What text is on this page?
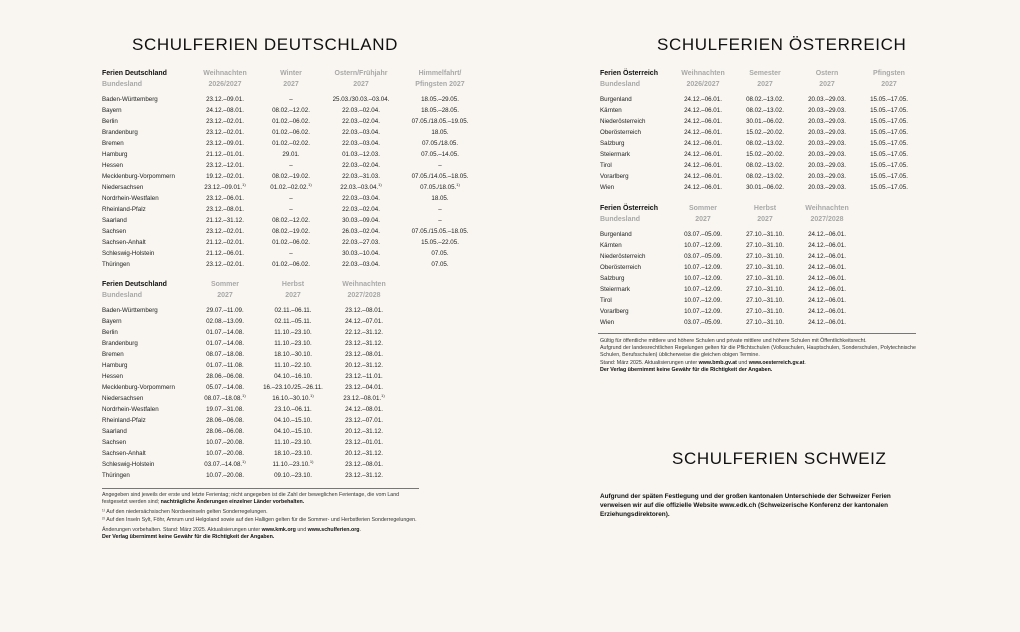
SCHULFERIEN DEUTSCHLAND	SCHULFERIEN ÖSTERREICH
SCHULFERIEN SCHWEIZ
Ferien Deutschland	Weihnachten	Winter	Ostern/Frühjahr	Himmelfahrt/
Bundesland	2026/2027	2027	2027	Pfingsten 2027

Baden-Württemberg	23.12.–09.01.	–	25.03./30.03.–03.04.	18.05.–29.05.
Bayern	24.12.–08.01.	08.02.–12.02.	22.03.–02.04.	18.05.–28.05.
Berlin	23.12.–02.01.	01.02.–06.02.	22.03.–02.04.	07.05./18.05.–19.05.
Brandenburg	23.12.–02.01.	01.02.–06.02.	22.03.–03.04.	18.05.
Bremen	23.12.–09.01.	01.02.–02.02.	22.03.–03.04.	07.05./18.05.
Hamburg	21.12.–01.01.	29.01.	01.03.–12.03.	07.05.–14.05.
Hessen	23.12.–12.01.	–	22.03.–02.04.	–
Mecklenburg-Vorpommern	19.12.–02.01.	08.02.–19.02.	22.03.–31.03.	07.05./14.05.–18.05.
Niedersachsen	23.12.–09.01.$^{1)}$	01.02.–02.02.$^{1)}$	22.03.–03.04.$^{1)}$	07.05./18.05.$^{1)}$
Nordrhein-Westfalen	23.12.–06.01.	–	22.03.–03.04.	18.05.
Rheinland-Pfalz	23.12.–08.01.	–	22.03.–02.04.	–
Saarland	21.12.–31.12.	08.02.–12.02.	30.03.–09.04.	–
Sachsen	23.12.–02.01.	08.02.–19.02.	26.03.–02.04.	07.05./15.05.–18.05.
Sachsen-Anhalt	21.12.–02.01.	01.02.–06.02.	22.03.–27.03.	15.05.–22.05.
Schleswig-Holstein	21.12.–06.01.	–	30.03.–10.04.	07.05.
Thüringen	23.12.–02.01.	01.02.–06.02.	22.03.–03.04.	07.05.
Ferien Deutschland	Sommer	Herbst	Weihnachten
Bundesland	2027	2027	2027/2028

Baden-Württemberg	29.07.–11.09.	02.11.–06.11.	23.12.–08.01.
Bayern	02.08.–13.09.	02.11.–05.11.	24.12.–07.01.
Berlin	01.07.–14.08.	11.10.–23.10.	22.12.–31.12.
Brandenburg	01.07.–14.08.	11.10.–23.10.	23.12.–31.12.
Bremen	08.07.–18.08.	18.10.–30.10.	23.12.–08.01.
Hamburg	01.07.–11.08.	11.10.–22.10.	20.12.–31.12.
Hessen	28.06.–06.08.	04.10.–16.10.	23.12.–11.01.
Mecklenburg-Vorpommern	05.07.–14.08.	16.–23.10./25.–26.11.	23.12.–04.01.
Niedersachsen	08.07.–18.08.$^{1)}$	16.10.–30.10.$^{1)}$	23.12.–08.01.$^{1)}$
Nordrhein-Westfalen	19.07.–31.08.	23.10.–06.11.	24.12.–08.01.
Rheinland-Pfalz	28.06.–06.08.	04.10.–15.10.	23.12.–07.01.
Saarland	28.06.–06.08.	04.10.–15.10.	20.12.–31.12.
Sachsen	10.07.–20.08.	11.10.–23.10.	23.12.–01.01.
Sachsen-Anhalt	10.07.–20.08.	18.10.–23.10.	20.12.–31.12.
Schleswig-Holstein	03.07.–14.08.$^{1)}$	11.10.–23.10.$^{1)}$	23.12.–08.01.
Thüringen	10.07.–20.08.	09.10.–23.10.	23.12.–31.12.
Ferien Österreich	Weihnachten	Semester	Ostern	Pfingsten
Bundesland	2026/2027	2027	2027	2027

Burgenland	24.12.–06.01.	08.02.–13.02.	20.03.–29.03.	15.05.–17.05.
Kärnten	24.12.–06.01.	08.02.–13.02.	20.03.–29.03.	15.05.–17.05.
Niederösterreich	24.12.–06.01.	30.01.–06.02.	20.03.–29.03.	15.05.–17.05.
Oberösterreich	24.12.–06.01.	15.02.–20.02.	20.03.–29.03.	15.05.–17.05.
Salzburg	24.12.–06.01.	08.02.–13.02.	20.03.–29.03.	15.05.–17.05.
Steiermark	24.12.–06.01.	15.02.–20.02.	20.03.–29.03.	15.05.–17.05.
Tirol	24.12.–06.01.	08.02.–13.02.	20.03.–29.03.	15.05.–17.05.
Vorarlberg	24.12.–06.01.	08.02.–13.02.	20.03.–29.03.	15.05.–17.05.
Wien	24.12.–06.01.	30.01.–06.02.	20.03.–29.03.	15.05.–17.05.
Ferien Österreich	Sommer	Herbst	Weihnachten
Bundesland	2027	2027	2027/2028

Burgenland	03.07.–05.09.	27.10.–31.10.	24.12.–06.01.
Kärnten	10.07.–12.09.	27.10.–31.10.	24.12.–06.01.
Niederösterreich	03.07.–05.09.	27.10.–31.10.	24.12.–06.01.
Oberösterreich	10.07.–12.09.	27.10.–31.10.	24.12.–06.01.
Salzburg	10.07.–12.09.	27.10.–31.10.	24.12.–06.01.
Steiermark	10.07.–12.09.	27.10.–31.10.	24.12.–06.01.
Tirol	10.07.–12.09.	27.10.–31.10.	24.12.–06.01.
Vorarlberg	10.07.–12.09.	27.10.–31.10.	24.12.–06.01.
Wien	03.07.–05.09.	27.10.–31.10.	24.12.–06.01.

Angegeben sind jeweils der erste und letzte Ferientag; nicht angegeben ist die Zahl der beweglichen Ferientage, die vom Land festgesetzt werden sind; nachträgliche Änderungen einzelner Länder vorbehalten.

¹⁾ Auf den niedersächsischen Nordseeinseln gelten Sonderregelungen.
²⁾ Auf den Inseln Sylt, Föhr, Amrum und Helgoland sowie auf den Halligen gelten für die Sommer- und Herbstferien Sonderregelungen.

Änderungen vorbehalten. Stand: März 2025. Aktualisierungen unter www.kmk.org und www.schulferien.org.
Der Verlag übernimmt keine Gewähr für die Richtigkeit der Angaben.

Gültig für öffentliche mittlere und höhere Schulen und private mittlere und höhere Schulen mit Öffentlichkeitsrecht.
Aufgrund der landesrechtlichen Regelungen gelten für die Pflichtschulen (Volksschulen, Hauptschulen, Sonderschulen, Polytechnische Schulen, Berufsschulen) üblicherweise die gleichen obigen Termine.
Stand: März 2025. Aktualisierungen unter www.bmb.gv.at und www.oesterreich.gv.at.
Der Verlag übernimmt keine Gewähr für die Richtigkeit der Angaben.

Aufgrund der späten Festlegung und der großen kantonalen Unterschiede der Schweizer Ferien verweisen wir auf die offizielle Website www.edk.ch (Schweizerische Konferenz der kantonalen Erziehungsdirektoren).
